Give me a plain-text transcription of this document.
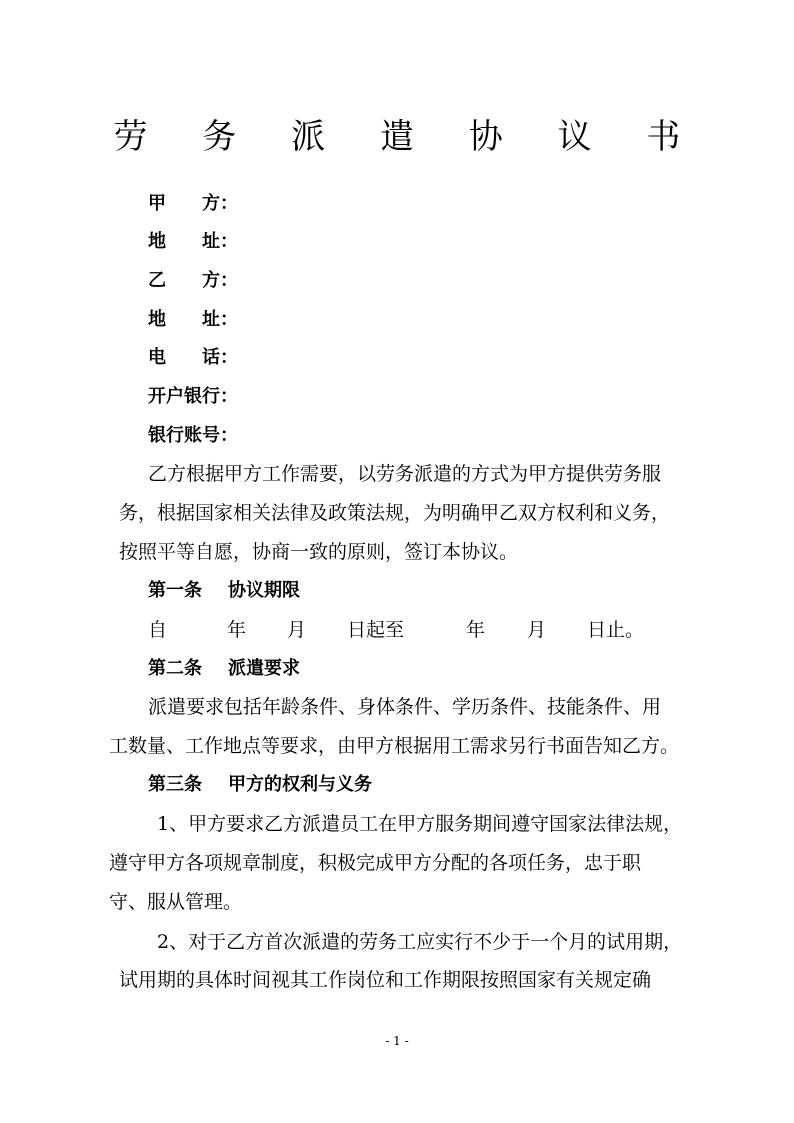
劳 务 派 遣 协 议 书
甲　　方：
地　　址：
乙　　方：
地　　址：
电　　话：
开户银行：
银行账号：
乙方根据甲方工作需要，以劳务派遣的方式为甲方提供劳务服
务，根据国家相关法律及政策法规，为明确甲乙双方权利和义务，
按照平等自愿，协商一致的原则，签订本协议。
第一条 协议期限
自	年 月 日起至	年 月 日止。
第二条 派遣要求
派遣要求包括年龄条件、身体条件、学历条件、技能条件、用
工数量、工作地点等要求，由甲方根据用工需求另行书面告知乙方。
第三条 甲方的权利与义务
1、甲方要求乙方派遣员工在甲方服务期间遵守国家法律法规，
遵守甲方各项规章制度，积极完成甲方分配的各项任务，忠于职
守、服从管理。
2、对于乙方首次派遣的劳务工应实行不少于一个月的试用期，
试用期的具体时间视其工作岗位和工作期限按照国家有关规定确
- 1 -
